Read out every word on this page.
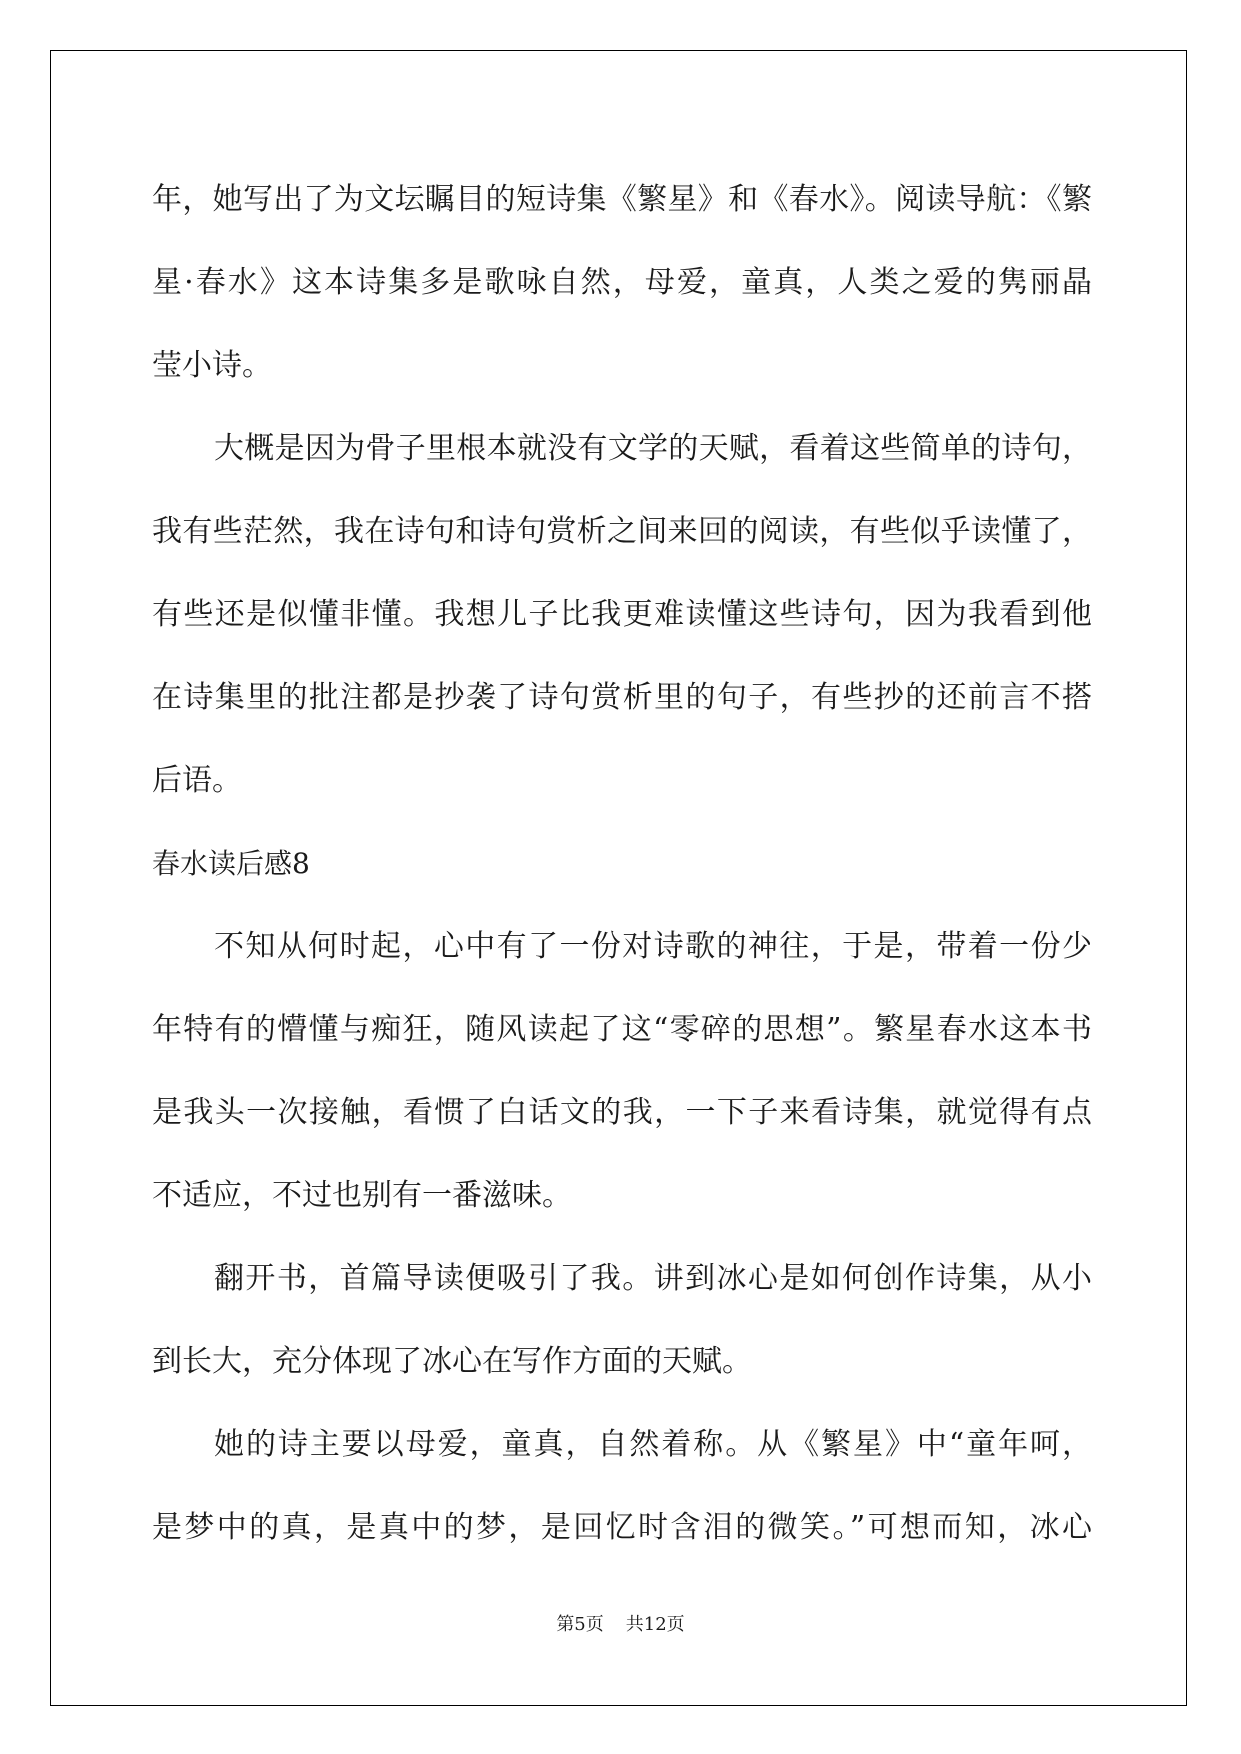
年，她写出了为文坛瞩目的短诗集《繁星》和《春水》。阅读导航：《繁
星·春水》这本诗集多是歌咏自然，母爱，童真，人类之爱的隽丽晶
莹小诗。
大概是因为骨子里根本就没有文学的天赋，看着这些简单的诗句，
我有些茫然，我在诗句和诗句赏析之间来回的阅读，有些似乎读懂了，
有些还是似懂非懂。我想儿子比我更难读懂这些诗句，因为我看到他
在诗集里的批注都是抄袭了诗句赏析里的句子，有些抄的还前言不搭
后语。
春水读后感8
不知从何时起，心中有了一份对诗歌的神往，于是，带着一份少
年特有的懵懂与痴狂，随风读起了这“零碎的思想”。繁星春水这本书
是我头一次接触，看惯了白话文的我，一下子来看诗集，就觉得有点
不适应，不过也别有一番滋味。
翻开书，首篇导读便吸引了我。讲到冰心是如何创作诗集，从小
到长大，充分体现了冰心在写作方面的天赋。
她的诗主要以母爱，童真，自然着称。从《繁星》中“童年呵，
是梦中的真，是真中的梦，是回忆时含泪的微笑。”可想而知，冰心
第5页 共12页
